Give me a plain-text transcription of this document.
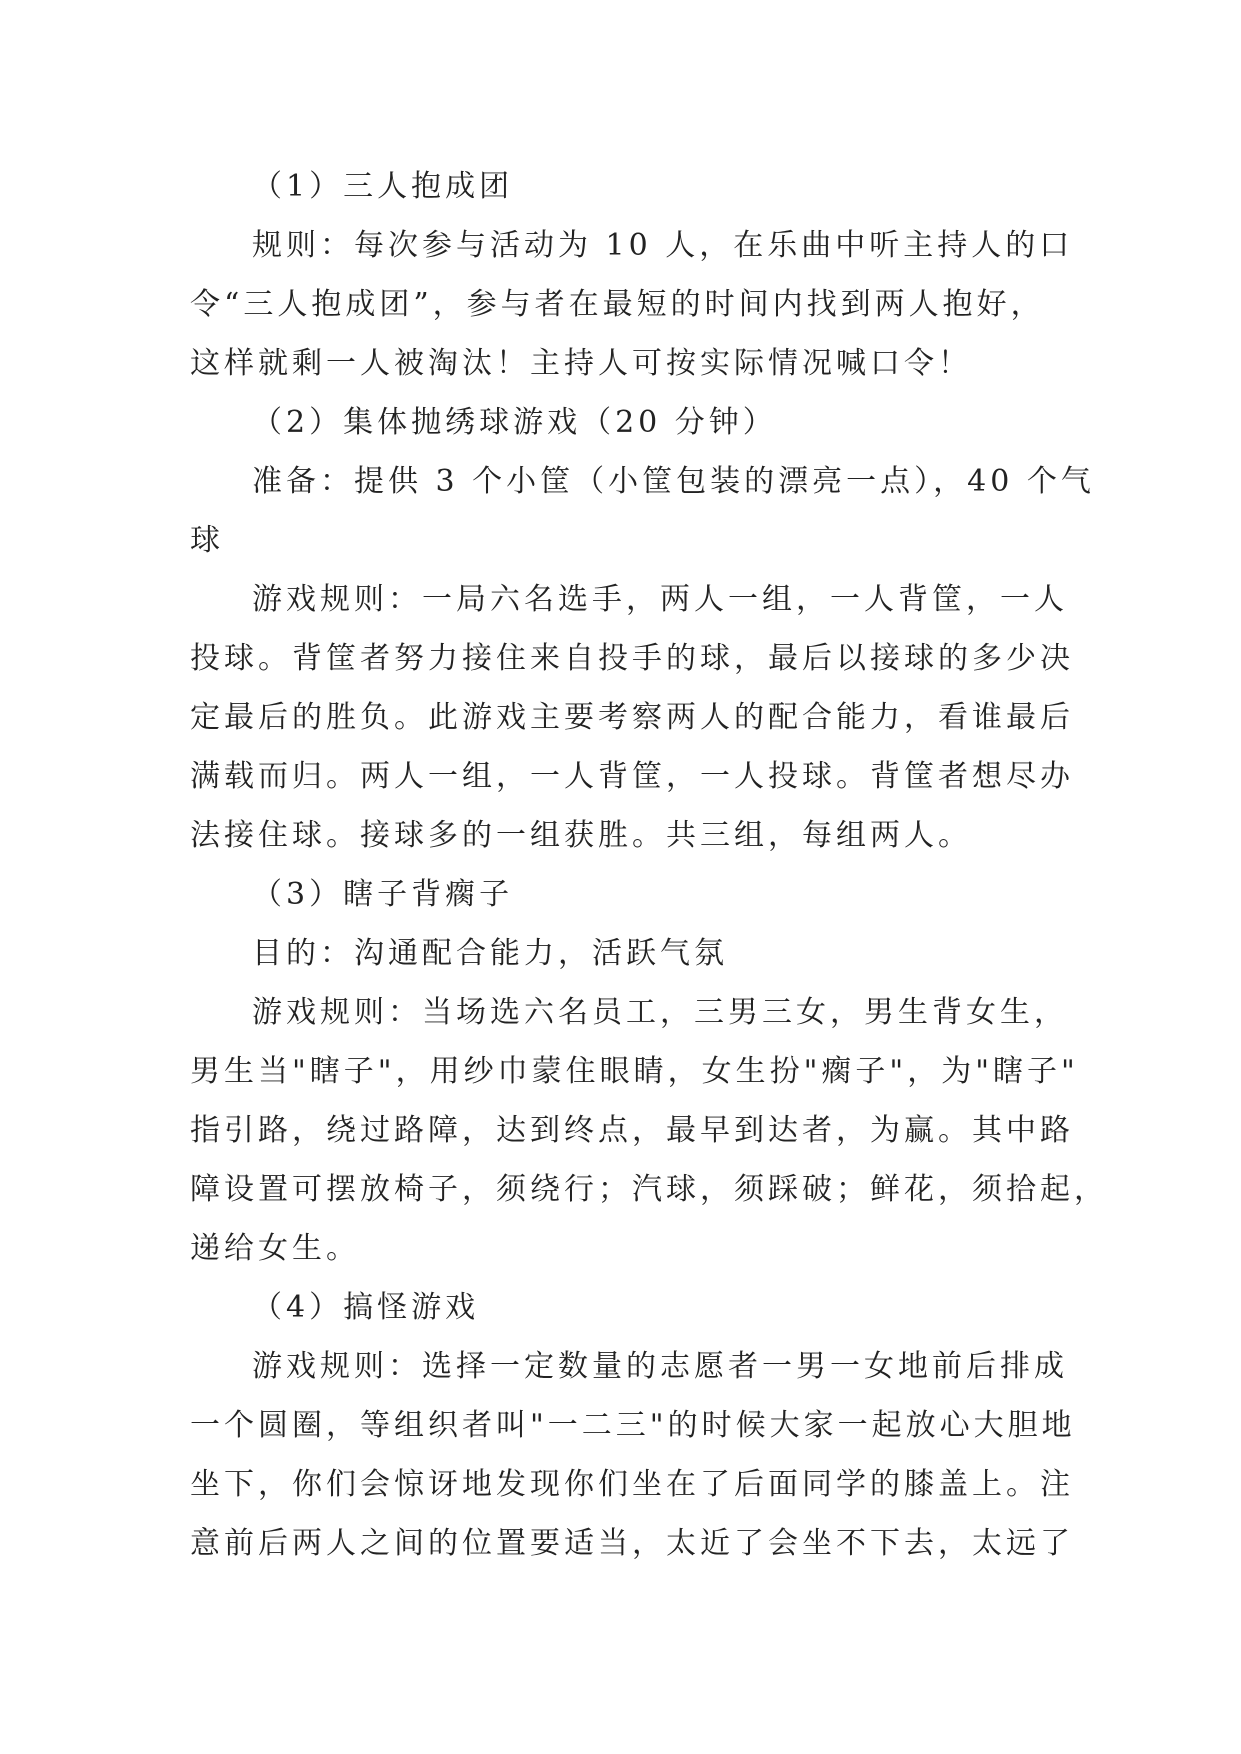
（1）三人抱成团

规则：每次参与活动为 10 人，在乐曲中听主持人的口

令“三人抱成团”，参与者在最短的时间内找到两人抱好，

这样就剩一人被淘汰！主持人可按实际情况喊口令！

（2）集体抛绣球游戏（20 分钟）

准备：提供 3 个小筐（小筐包装的漂亮一点），40 个气

球

游戏规则：一局六名选手，两人一组，一人背筐，一人

投球。背筐者努力接住来自投手的球，最后以接球的多少决

定最后的胜负。此游戏主要考察两人的配合能力，看谁最后

满载而归。两人一组，一人背筐，一人投球。背筐者想尽办

法接住球。接球多的一组获胜。共三组，每组两人。

（3）瞎子背瘸子

目的：沟通配合能力，活跃气氛

游戏规则：当场选六名员工，三男三女，男生背女生，

男生当"瞎子"，用纱巾蒙住眼睛，女生扮"瘸子"，为"瞎子"

指引路，绕过路障，达到终点，最早到达者，为赢。其中路

障设置可摆放椅子，须绕行；汽球，须踩破；鲜花，须拾起，

递给女生。

（4）搞怪游戏

游戏规则：选择一定数量的志愿者一男一女地前后排成

一个圆圈，等组织者叫"一二三"的时候大家一起放心大胆地

坐下，你们会惊讶地发现你们坐在了后面同学的膝盖上。注

意前后两人之间的位置要适当，太近了会坐不下去，太远了
